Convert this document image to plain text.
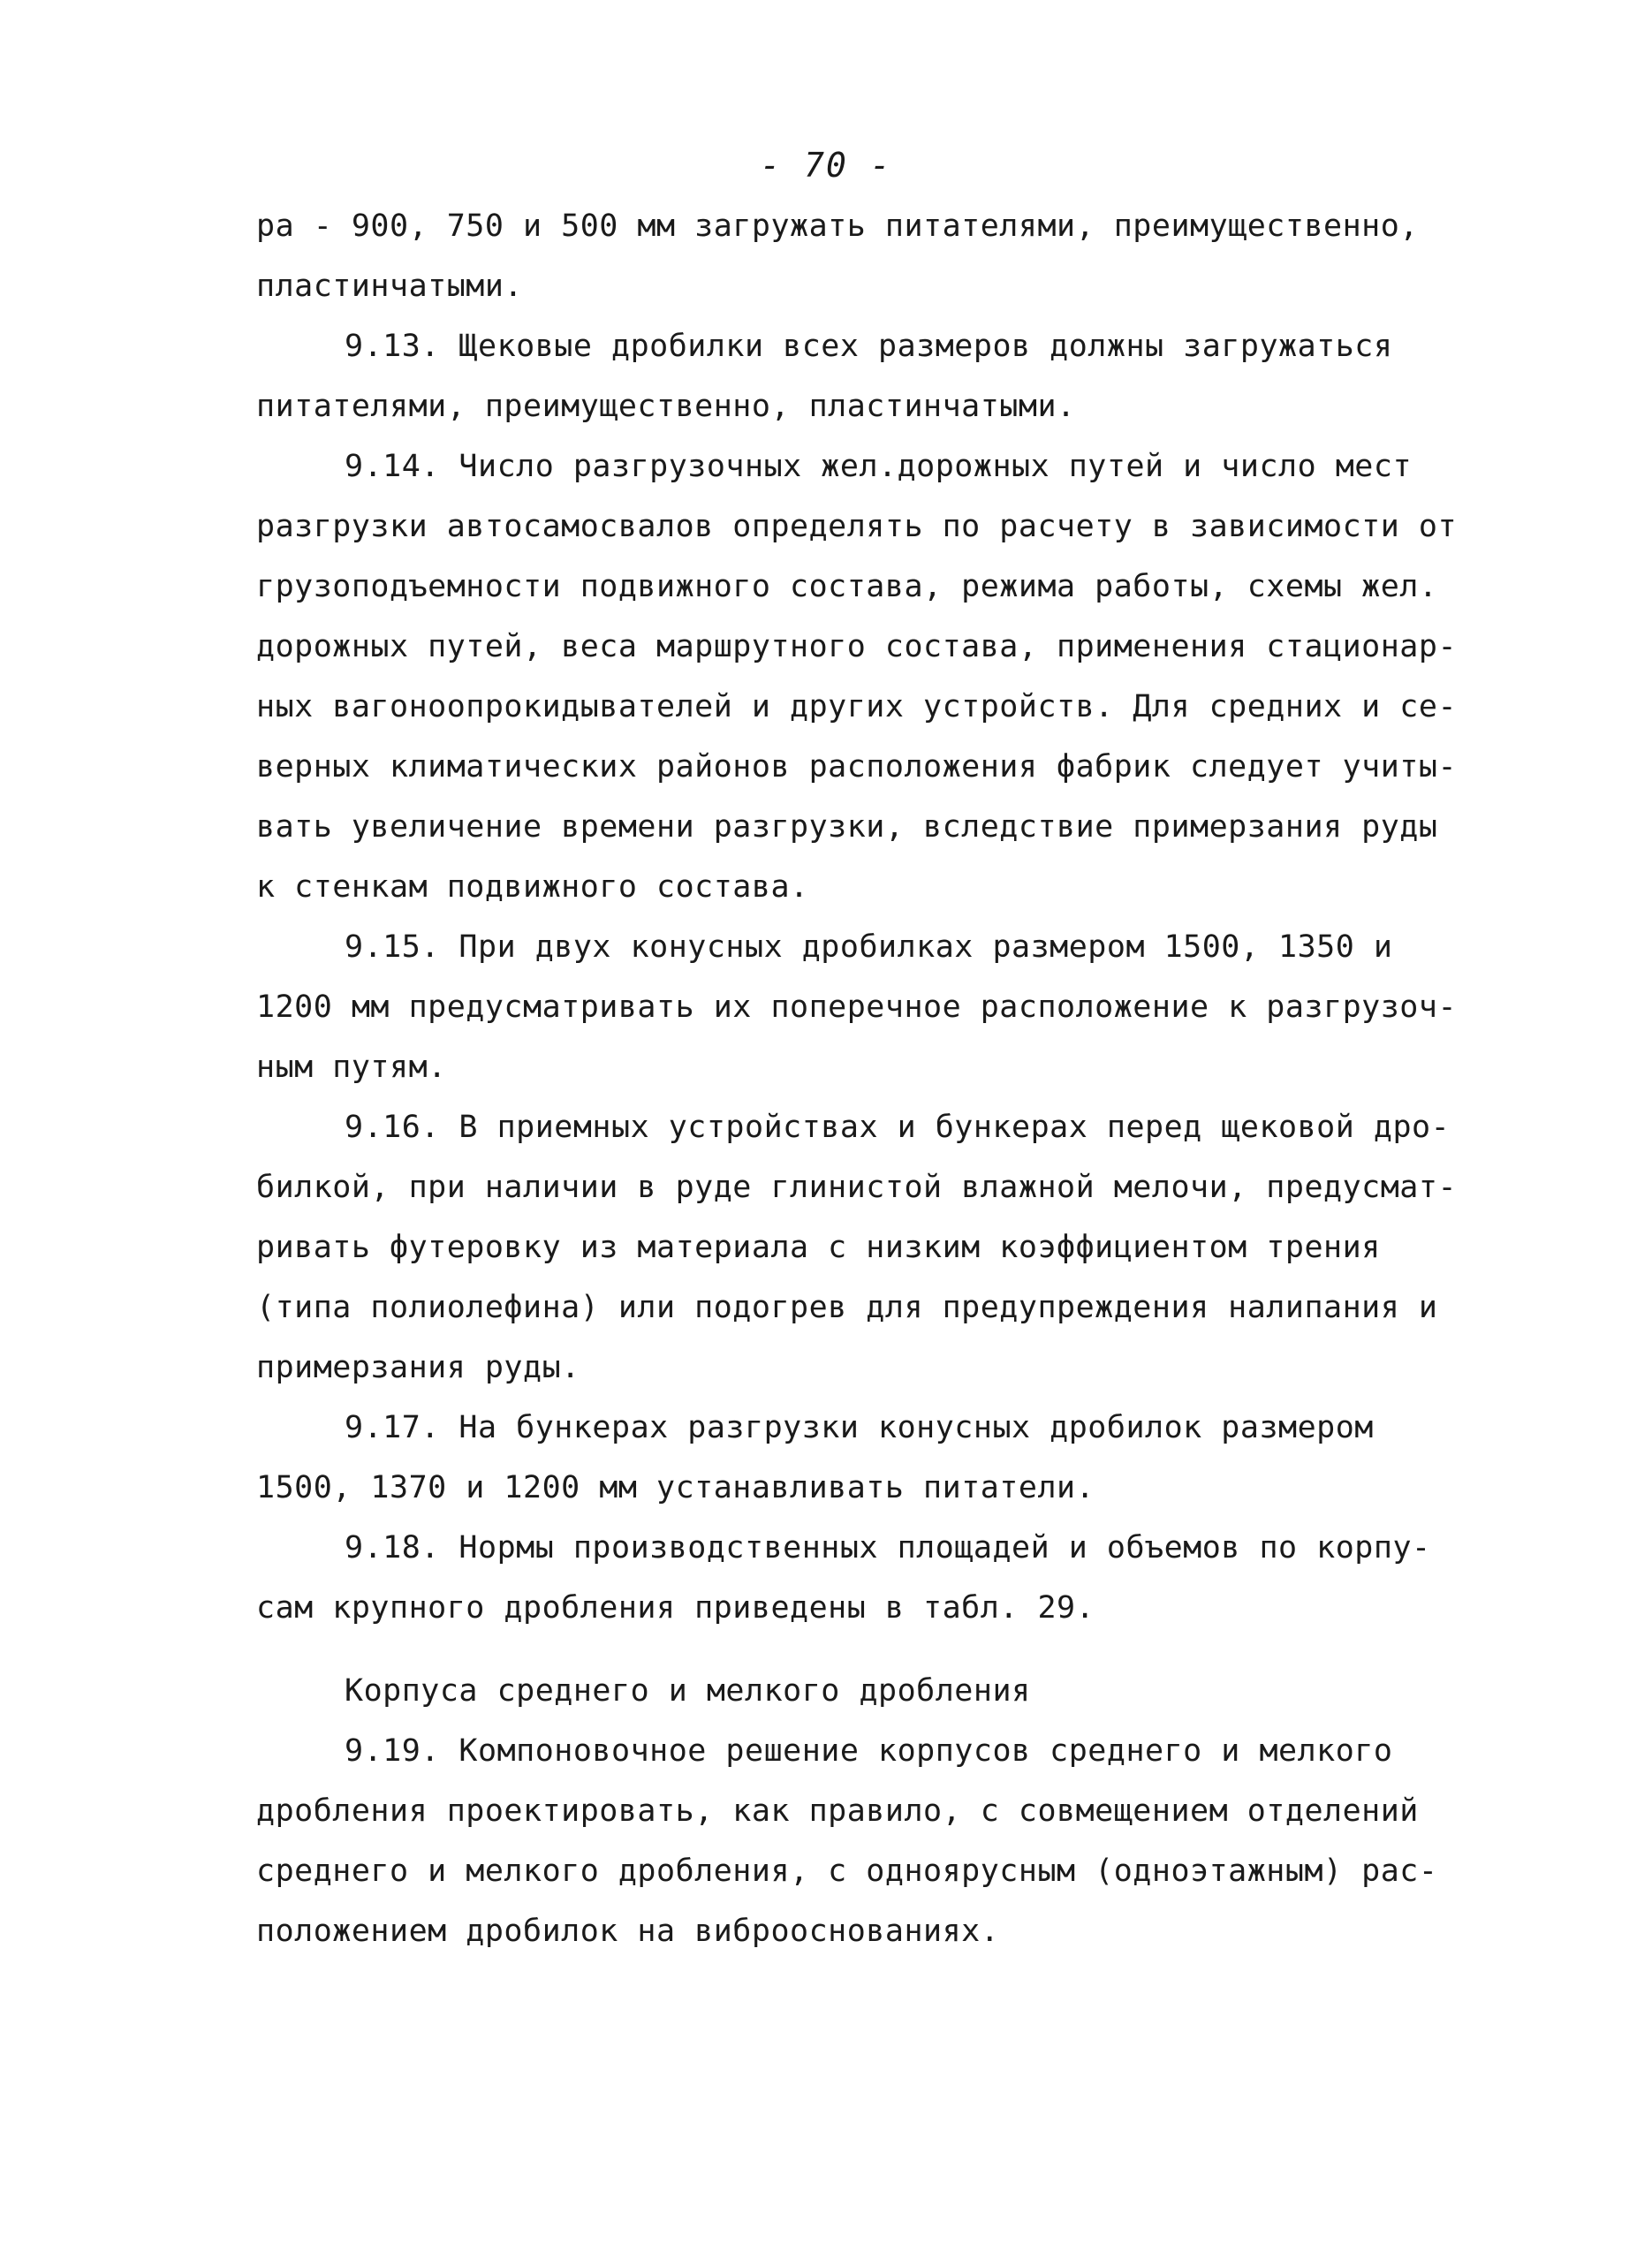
- 70 -
ра - 900, 750 и 500 мм загружать питателями, преимущественно,
пластинчатыми.
9.13. Щековые дробилки всех размеров должны загружаться
питателями, преимущественно, пластинчатыми.
9.14. Число разгрузочных жел.дорожных путей и число мест
разгрузки автосамосвалов определять по расчету в зависимости от
грузоподъемности подвижного состава, режима работы, схемы жел.
дорожных путей, веса маршрутного состава, применения стационар-
ных вагоноопрокидывателей и других устройств. Для средних и се-
верных климатических районов расположения фабрик следует учиты-
вать увеличение времени разгрузки, вследствие примерзания руды
к стенкам подвижного состава.
9.15. При двух конусных дробилках размером 1500, 1350 и
1200 мм предусматривать их поперечное расположение к разгрузоч-
ным путям.
9.16. В приемных устройствах и бункерах перед щековой дро-
билкой, при наличии в руде глинистой влажной мелочи, предусмат-
ривать футеровку из материала с низким коэффициентом трения
(типа полиолефина) или подогрев для предупреждения налипания и
примерзания руды.
9.17. На бункерах разгрузки конусных дробилок размером
1500, 1370 и 1200 мм устанавливать питатели.
9.18. Нормы производственных площадей и объемов по корпу-
сам крупного дробления приведены в табл. 29.
Корпуса среднего и мелкого дробления
9.19. Компоновочное решение корпусов среднего и мелкого
дробления проектировать, как правило, с совмещением отделений
среднего и мелкого дробления, с одноярусным (одноэтажным) рас-
положением дробилок на виброоснованиях.
